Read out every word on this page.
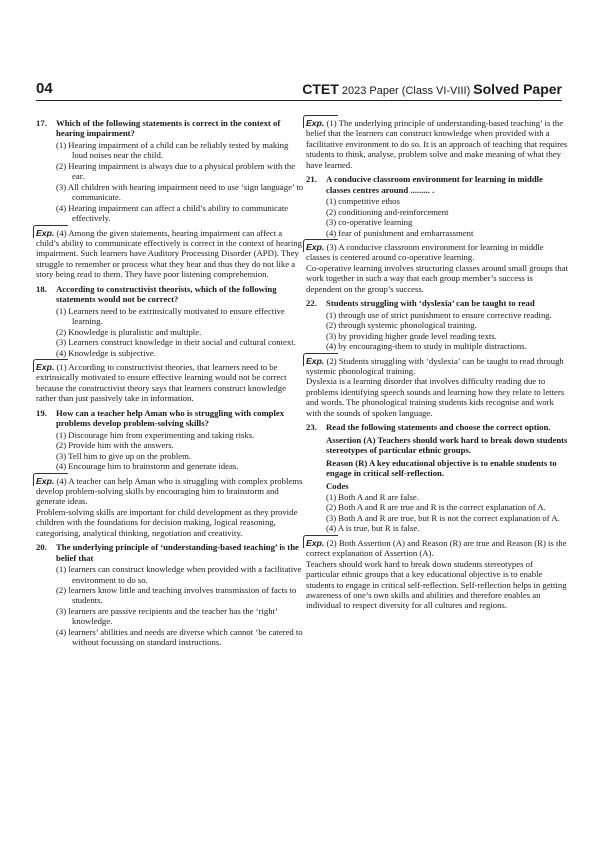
04	CTET 2023 Paper (Class VI-VIII) Solved Paper
17. Which of the following statements is correct in the context of hearing impairment?
(1) Hearing impairment of a child can be reliably tested by making loud noises near the child.
(2) Hearing impairment is always due to a physical problem with the ear.
(3) All children with hearing impairment need to use ‘sign language’ to communicate.
(4) Hearing impairment can affect a child’s ability to communicate effectively.

Exp. (4) Among the given statements, hearing impairment can affect a child’s ability to communicate effectively is correct in the context of hearing impairment. Such learners have Auditory Processing Disorder (APD). They struggle to remember or process what they hear and thus they do not like a story being read to them. They have poor listening comprehension.

18. According to constructivist theorists, which of the following statements would not be correct?
(1) Learners need to be extrinsically motivated to ensure effective learning.
(2) Knowledge is pluralistic and multiple.
(3) Learners construct knowledge in their social and cultural context.
(4) Knowledge is subjective.

Exp. (1) According to constructivist theories, that learners need to be extrinsically motivated to ensure effective learning would not be correct because the constructivist theory says that learners construct knowledge rather than just passively take in information.

19. How can a teacher help Aman who is struggling with complex problems develop problem-solving skills?
(1) Discourage him from experimenting and taking risks.
(2) Provide him with the answers.
(3) Tell him to give up on the problem.
(4) Encourage him to brainstorm and generate ideas.

Exp. (4) A teacher can help Aman who is struggling with complex problems develop problem-solving skills by encouraging him to brainstorm and generate ideas.

Problem-solving skills are important for child development as they provide children with the foundations for decision making, logical reasoning, categorising, analytical thinking, negotiation and creativity.

20. The underlying principle of ‘understanding-based teaching’ is the belief that
(1) learners can construct knowledge when provided with a facilitative environment to do so.
(2) learners know little and teaching involves transmission of facts to students.
(3) learners are passive recipients and the teacher has the ‘right’ knowledge.
(4) learners’ abilities and needs are diverse which cannot ‘be catered to without focussing on standard instructions.

Exp. (1) The underlying principle of understanding-based teaching’ is the belief that the learners can construct knowledge when provided with a facilitative environment to do so. It is an approach of teaching that requires students to think, analyse, problem solve and make meaning of what they have learned.

21. A conducive classroom environment for learning in middle classes centres around ......... .
(1) competitive ethos
(2) conditioning and-reinforcement
(3) co-operative learning
(4) fear of punishment and embarrassment

Exp. (3) A conducive classroom environment for learning in middle classes is centered around co-operative learning.

Co-operative learning involves structuring classes around small groups that work together in such a way that each group member’s success is dependent on the group’s success.

22. Students struggling with ‘dyslexia’ can be taught to read
(1) through use of strict punishment to ensure corrective reading.
(2) through systemic phonological training.
(3) by providing higher grade level reading texts.
(4) by encouraging-them to study in multiple distractions.

Exp. (2) Students struggling with ‘dyslexia’ can be taught to read through systemic phonological training.

Dyslexia is a learning disorder that involves difficulty reading due to problems identifying speech sounds and learning how they relate to letters and words. The phonological training students kids recognise and work with the sounds of spoken language.

23. Read the following statements and choose the correct option.
Assertion (A) Teachers should work hard to break down students stereotypes of particular ethnic groups.
Reason (R) A key educational objective is to enable students to engage in critical self-reflection.
Codes
(1) Both A and R are false.
(2) Both A and R are true and R is the correct explanation of A.
(3) Both A and R are true, but R is not the correct explanation of A.
(4) A is true, but R is false.

Exp. (2) Both Assertion (A) and Reason (R) are true and Reason (R) is the correct explanation of Assertion (A).

Teachers should work hard to break down students stereotypes of particular ethnic groups that a key educational objective is to enable students to engage in critical self-reflection. Self-reflection helps in getting awareness of one’s own skills and abilities and therefore enables an individual to respect diversity for all cultures and regions.
